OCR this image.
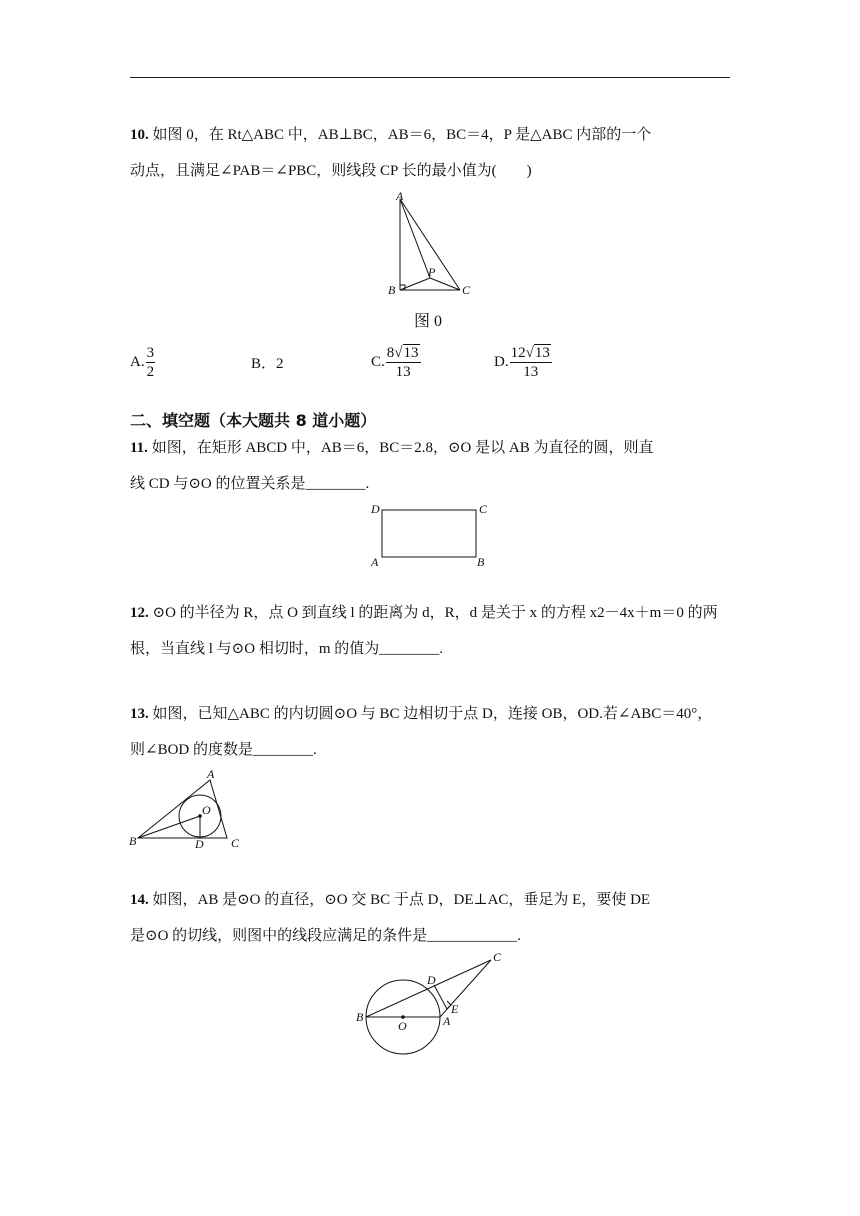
10. 如图 0，在 Rt△ABC 中，AB⊥BC，AB＝6，BC＝4，P 是△ABC 内部的一个
动点，且满足∠PAB＝∠PBC，则线段 CP 长的最小值为(　　)

A
B	C
P
图 0
A. $\frac{3}{2}$	B．2	C. $\frac{8√13}{13}$	D. $\frac{12√13}{13}$
二、填空题（本大题共 8 道小题）

11. 如图，在矩形 ABCD 中，AB＝6，BC＝2.8，⊙O 是以 AB 为直径的圆，则直
线 CD 与⊙O 的位置关系是________.

D	C
A	B

12. ⊙O 的半径为 R，点 O 到直线 l 的距离为 d，R，d 是关于 x 的方程 x2－4x＋m＝0 的两
根，当直线 l 与⊙O 相切时，m 的值为________.

13. 如图，已知△ABC 的内切圆⊙O 与 BC 边相切于点 D，连接 OB，OD.若∠ABC＝40°，
则∠BOD 的度数是________.

A
B	C
D
O

14. 如图，AB 是⊙O 的直径，⊙O 交 BC 于点 D，DE⊥AC，垂足为 E，要使 DE
是⊙O 的切线，则图中的线段应满足的条件是____________.

B
O	A
E
D
C
